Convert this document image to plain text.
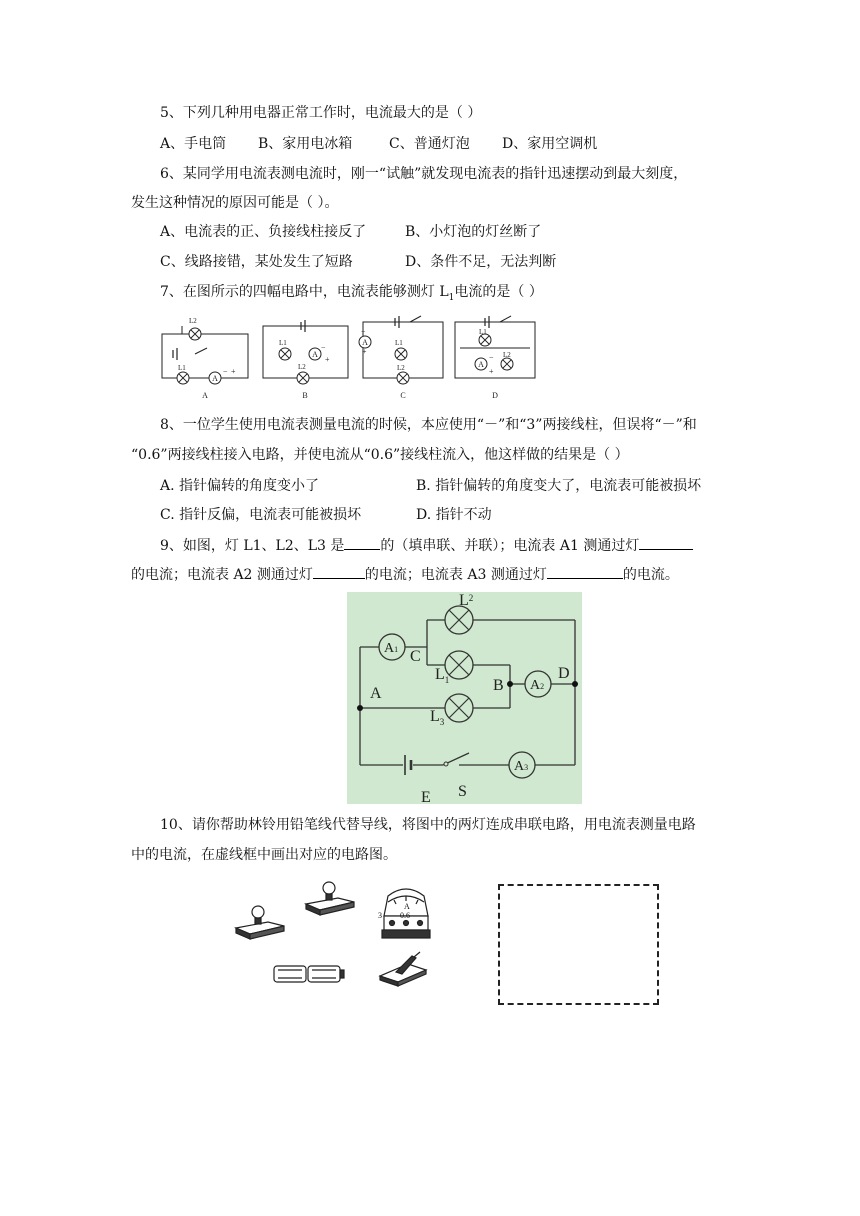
5、下列几种用电器正常工作时，电流最大的是（ ）
A、手电筒 B、家用电冰箱	C、普通灯泡 D、家用空调机
6、某同学用电流表测电流时，刚一“试触”就发现电流表的指针迅速摆动到最大刻度，
发生这种情况的原因可能是（ ）。
A、电流表的正、负接线柱接反了	B、小灯泡的灯丝断了
C、线路接错，某处发生了短路	D、条件不足，无法判断
7、在图所示的四幅电路中，电流表能够测灯 $L_1$电流的是（ ）
A
A
A
A
L2
L1
L1
L2
L1
L2
L1
L2
− +
−
+
−
+
−
+
A	B	C	D
8、一位学生使用电流表测量电流的时候，本应使用“－”和“3”两接线柱，但误将“－”和
“0.6”两接线柱接入电路，并使电流从“0.6”接线柱流入，他这样做的结果是（ ）
A. 指针偏转的角度变小了	B. 指针偏转的角度变大了，电流表可能被损坏
C. 指针反偏，电流表可能被损坏	D. 指针不动
9、如图，灯 L1、L2、L3 是	的（填串联、并联）；电流表 A1 测通过灯
的电流；电流表 A2 测通过灯	的电流；电流表 A3 测通过灯	的电流。
A1
A2
A3
$L^2$
$L_1$
$L_3$
C
A	B
D
E S
10、请你帮助林铃用铅笔线代替导线，将图中的两灯连成串联电路，用电流表测量电路
中的电流，在虚线框中画出对应的电路图。
3 0.6
A
